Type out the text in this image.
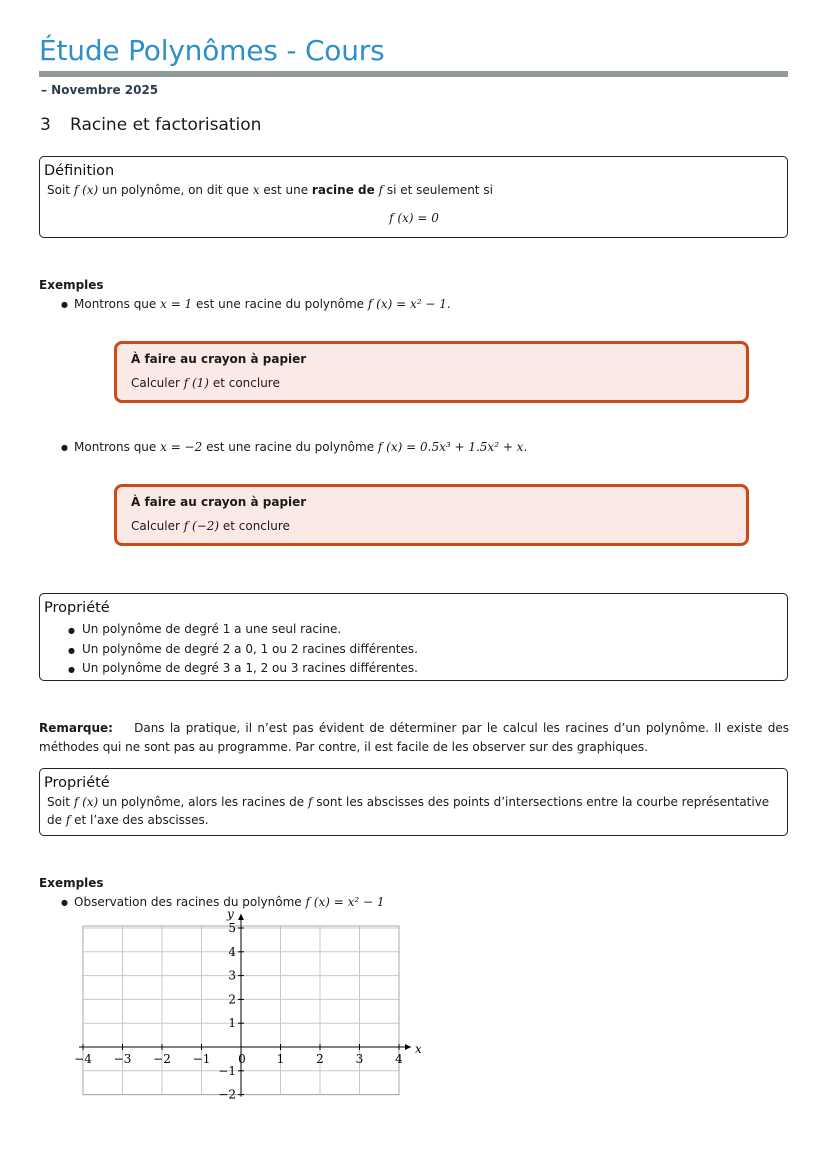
Étude Polynômes - Cours
– Novembre 2025
3 Racine et factorisation
Définition
Soit f (x) un polynôme, on dit que x est une racine de f si et seulement si
f (x) = 0
Exemples
● Montrons que x = 1 est une racine du polynôme f (x) = x² − 1.
À faire au crayon à papier
Calculer f (1) et conclure
● Montrons que x = −2 est une racine du polynôme f (x) = 0.5x³ + 1.5x² + x.
À faire au crayon à papier
Calculer f (−2) et conclure
Propriété
● Un polynôme de degré 1 a une seul racine.
● Un polynôme de degré 2 a 0, 1 ou 2 racines différentes.
● Un polynôme de degré 3 a 1, 2 ou 3 racines différentes.
Remarque: Dans la pratique, il n’est pas évident de déterminer par le calcul les racines d’un polynôme. Il existe des méthodes qui ne sont pas au programme. Par contre, il est facile de les observer sur des graphiques.
Propriété
Soit f (x) un polynôme, alors les racines de f sont les abscisses des points d’intersections entre la courbe représentative de f et l’axe des abscisses.
Exemples
● Observation des racines du polynôme f (x) = x² − 1
−4 −3 −2 −1 0	1	2	3	4
5
4
3
2
1
−1
−2
x
y
